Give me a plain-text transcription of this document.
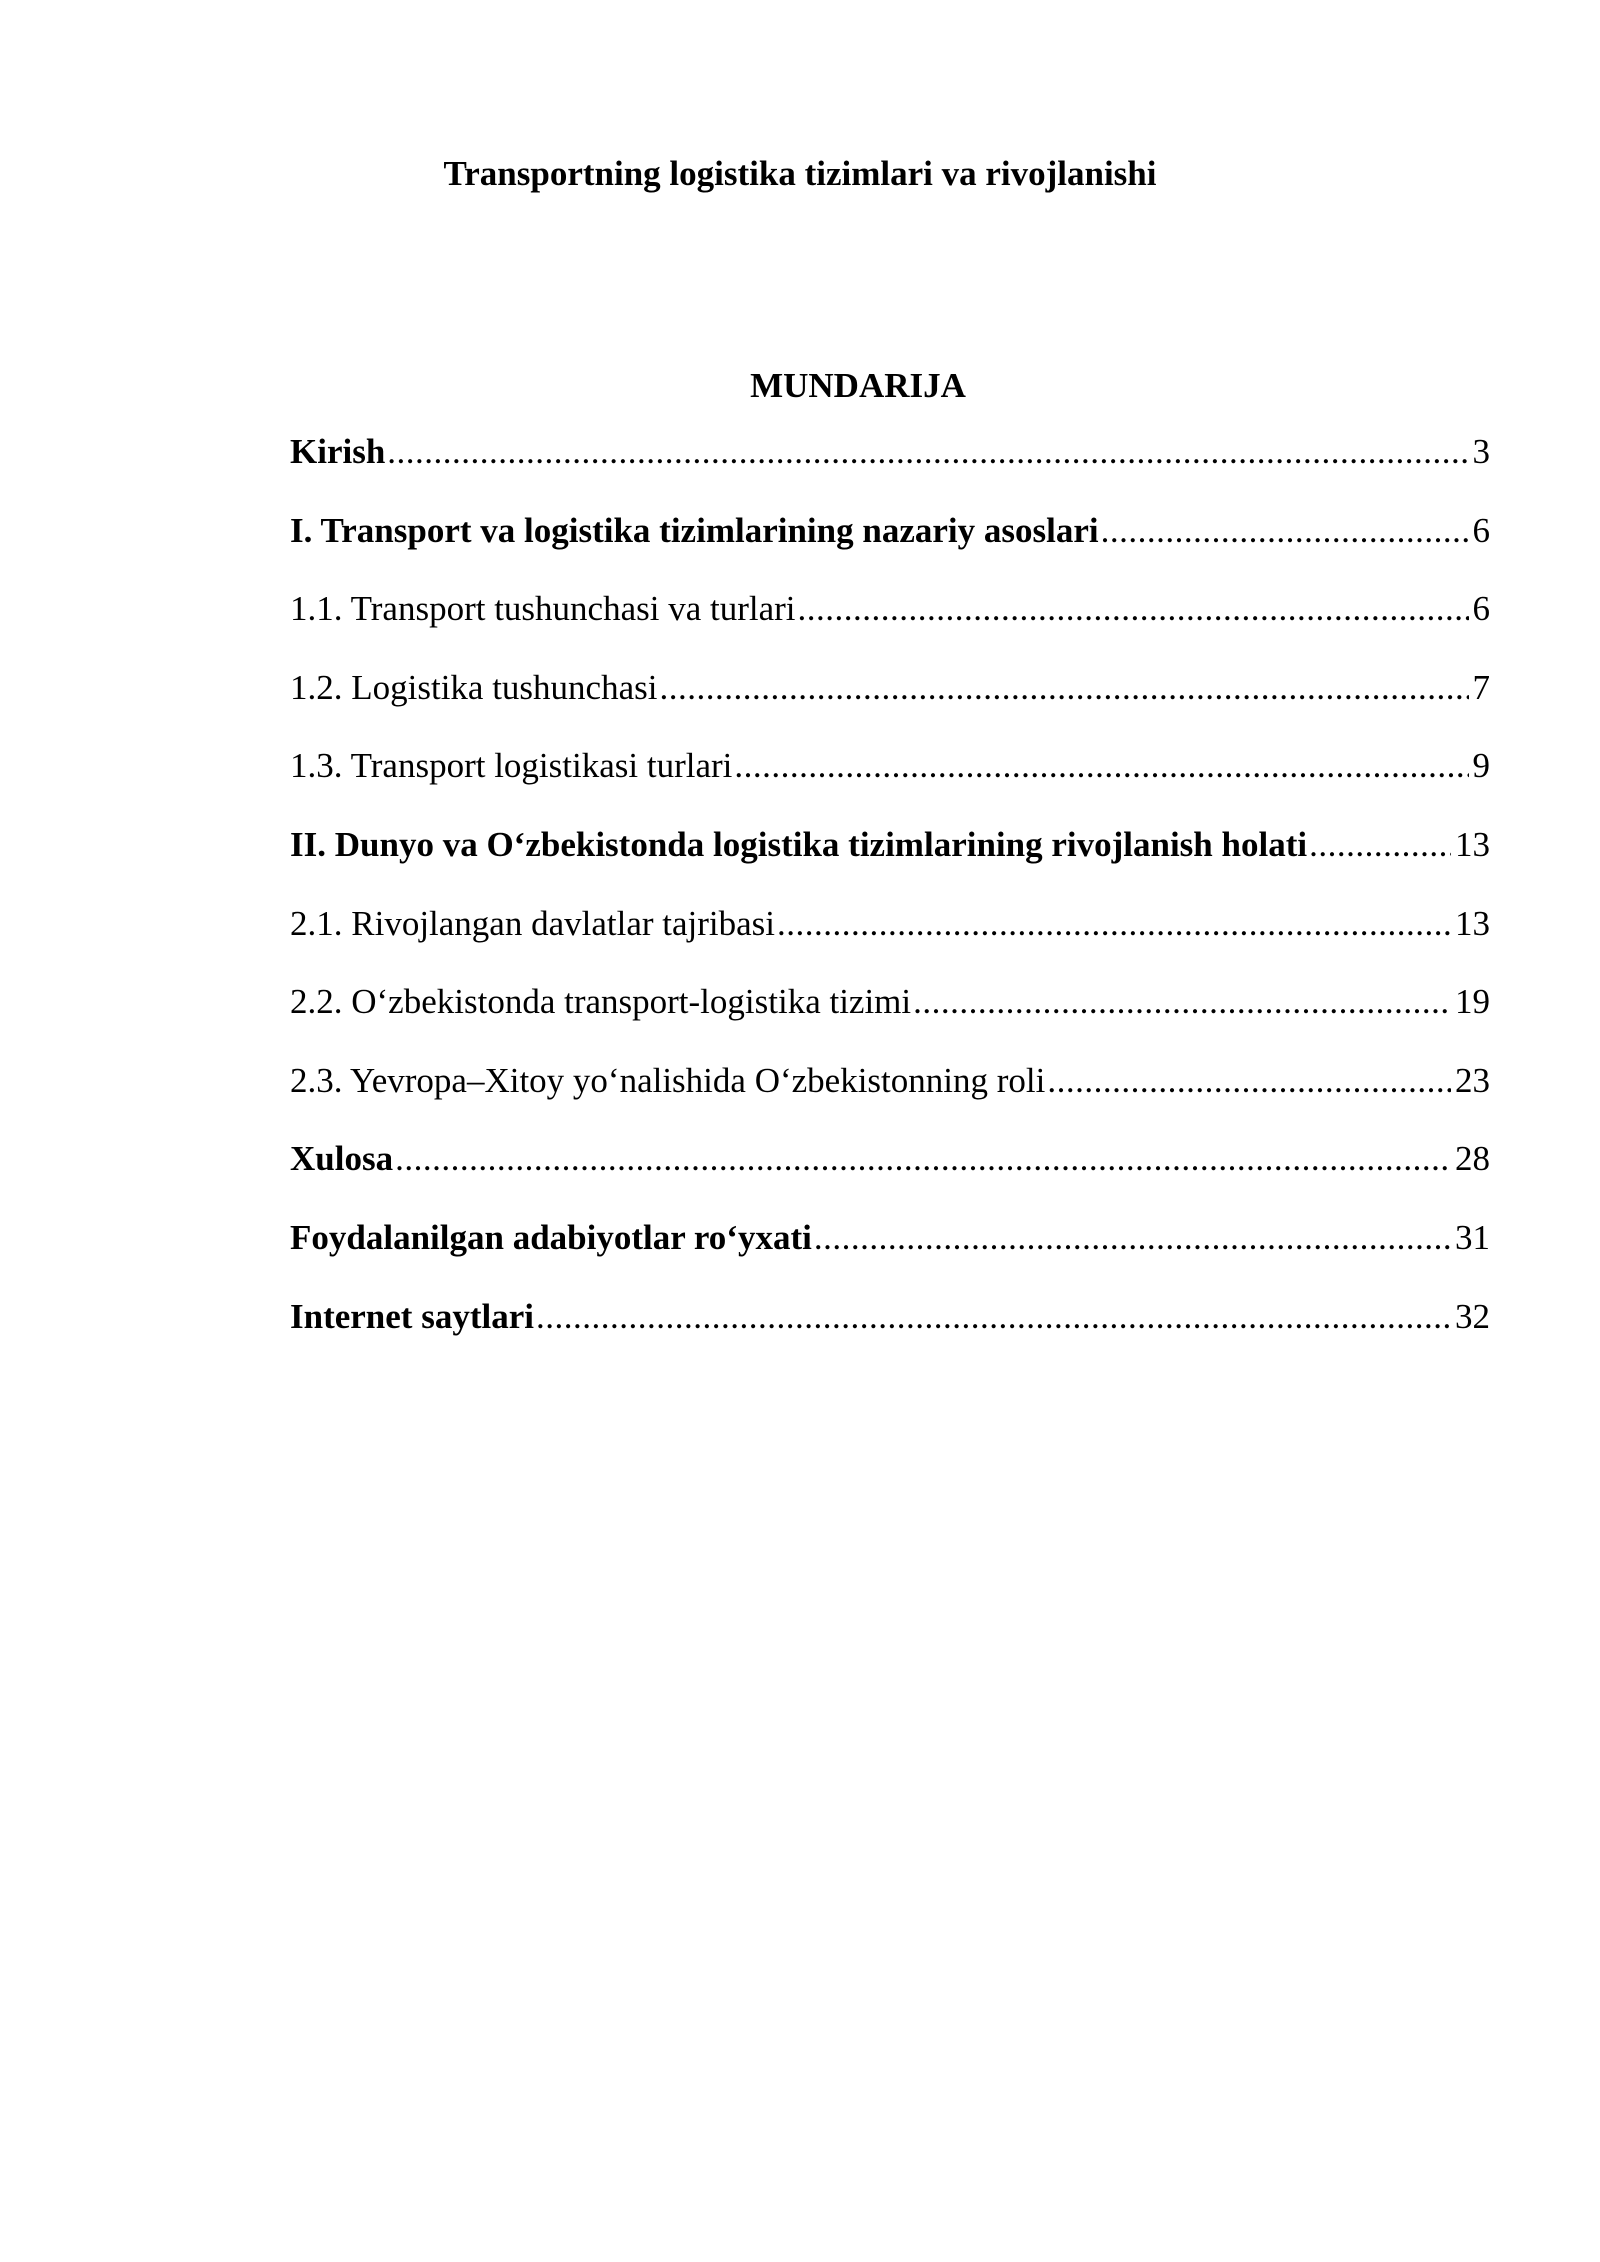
Transportning logistika tizimlari va rivojlanishi
MUNDARIJA
Kirish .....	3
I. Transport va logistika tizimlarining nazariy asoslari .....	6
1.1. Transport tushunchasi va turlari .....	6
1.2. Logistika tushunchasi .....	7
1.3. Transport logistikasi turlari .....	9
II. Dunyo va O‘zbekistonda logistika tizimlarining rivojlanish holati .....	13
2.1. Rivojlangan davlatlar tajribasi .....	13
2.2. O‘zbekistonda transport-logistika tizimi .....	19
2.3. Yevropa–Xitoy yo‘nalishida O‘zbekistonning roli .....	23
Xulosa .....	28
Foydalanilgan adabiyotlar ro‘yxati .....	31
Internet saytlari .....	32
